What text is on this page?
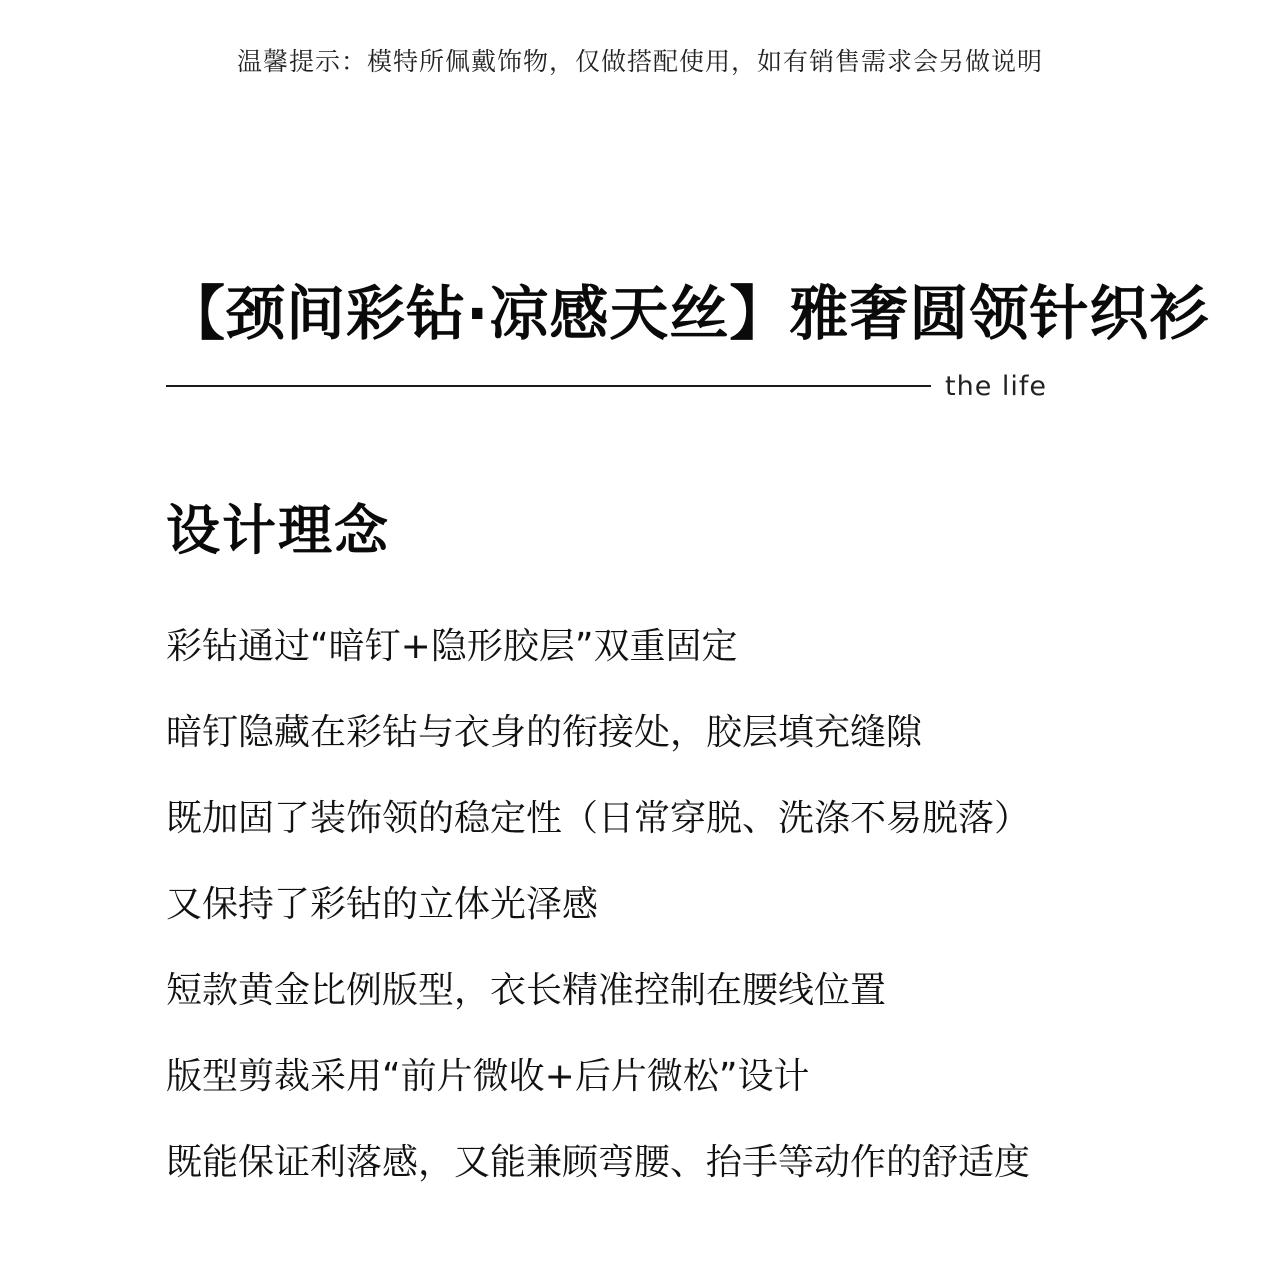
温馨提示：模特所佩戴饰物，仅做搭配使用，如有销售需求会另做说明
【颈间彩钻·凉感天丝】雅奢圆领针织衫
the life
设计理念
彩钻通过“暗钉+隐形胶层”双重固定
暗钉隐藏在彩钻与衣身的衔接处，胶层填充缝隙
既加固了装饰领的稳定性（日常穿脱、洗涤不易脱落）
又保持了彩钻的立体光泽感
短款黄金比例版型，衣长精准控制在腰线位置
版型剪裁采用“前片微收+后片微松”设计
既能保证利落感，又能兼顾弯腰、抬手等动作的舒适度
